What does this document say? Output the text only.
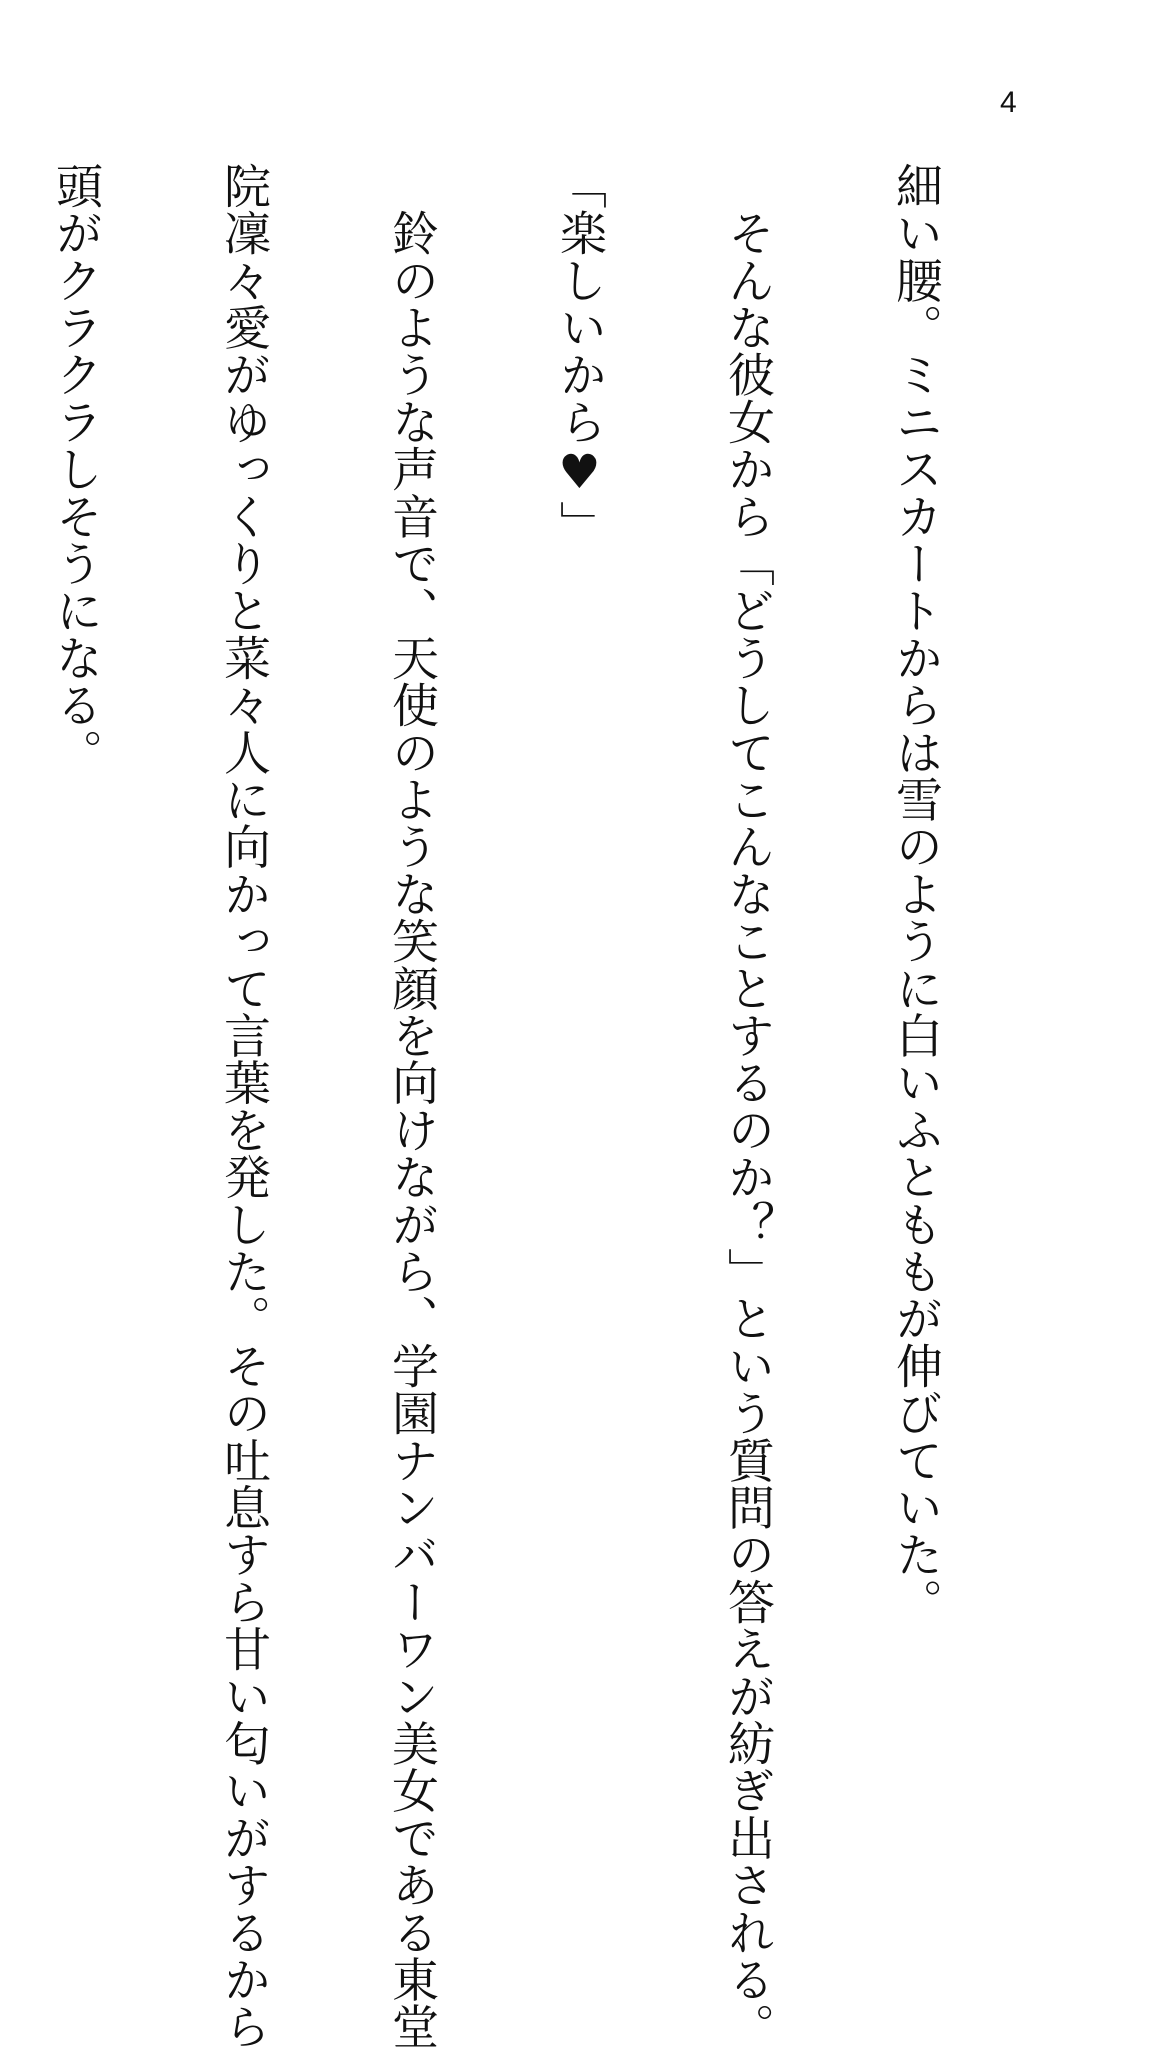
4

細い腰。ミニスカートからは雪のように白いふとももが伸びていた。

　そんな彼女から「どうしてこんなことするのか？」という質問の答えが紡ぎ出される。

「楽しいから♥」

　鈴のような声音で、天使のような笑顔を向けながら、学園ナンバーワン美女である東堂

院凜々愛がゆっくりと菜々人に向かって言葉を発した。その吐息すら甘い匂いがするから

頭がクラクラしそうになる。
